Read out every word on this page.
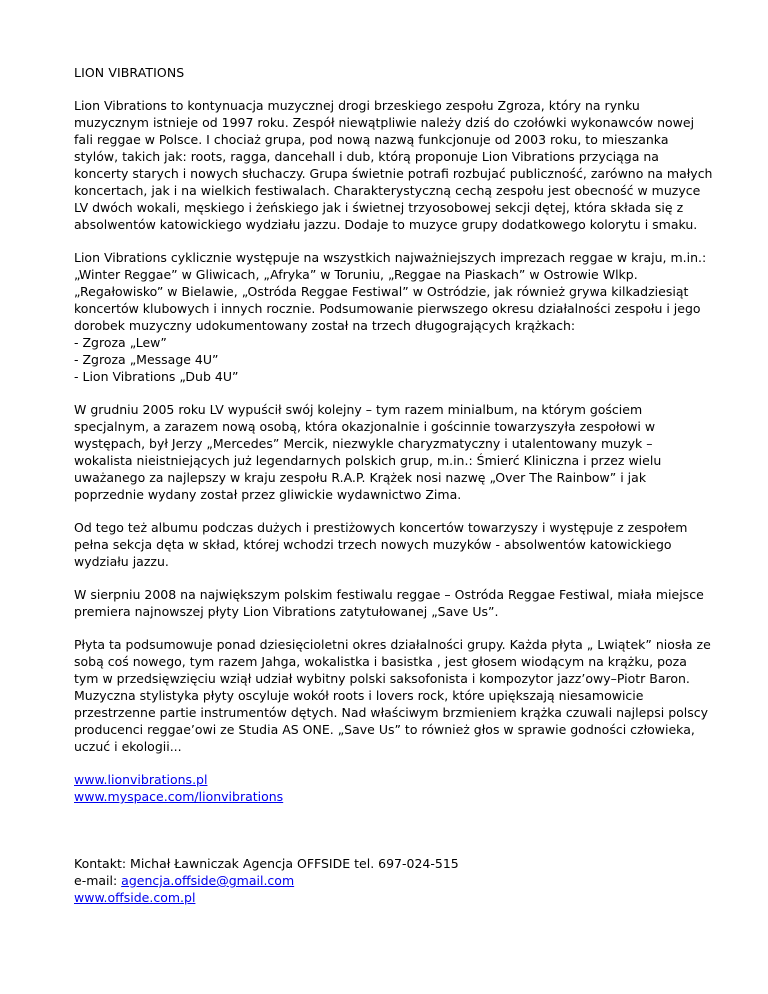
LION VIBRATIONS

Lion Vibrations to kontynuacja muzycznej drogi brzeskiego zespołu Zgroza, który na rynku muzycznym istnieje od 1997 roku. Zespół niewątpliwie należy dziś do czołówki wykonawców nowej fali reggae w Polsce. I chociaż grupa, pod nową nazwą funkcjonuje od 2003 roku, to mieszanka stylów, takich jak: roots, ragga, dancehall i dub, którą proponuje Lion Vibrations przyciąga na koncerty starych i nowych słuchaczy. Grupa świetnie potrafi rozbujać publiczność, zarówno na małych koncertach, jak i na wielkich festiwalach. Charakterystyczną cechą zespołu jest obecność w muzyce LV dwóch wokali, męskiego i żeńskiego jak i świetnej trzyosobowej sekcji dętej, która składa się z absolwentów katowickiego wydziału jazzu. Dodaje to muzyce grupy dodatkowego kolorytu i smaku.

Lion Vibrations cyklicznie występuje na wszystkich najważniejszych imprezach reggae w kraju, m.in.: „Winter Reggae” w Gliwicach, „Afryka” w Toruniu, „Reggae na Piaskach” w Ostrowie Wlkp. „Regałowisko” w Bielawie, „Ostróda Reggae Festiwal” w Ostródzie, jak również grywa kilkadziesiąt koncertów klubowych i innych rocznie. Podsumowanie pierwszego okresu działalności zespołu i jego dorobek muzyczny udokumentowany został na trzech długogrających krążkach:
- Zgroza „Lew”
- Zgroza „Message 4U”
- Lion Vibrations „Dub 4U”

W grudniu 2005 roku LV wypuścił swój kolejny – tym razem minialbum, na którym gościem specjalnym, a zarazem nową osobą, która okazjonalnie i gościnnie towarzyszyła zespołowi w występach, był Jerzy „Mercedes” Mercik, niezwykle charyzmatyczny i utalentowany muzyk – wokalista nieistniejących już legendarnych polskich grup, m.in.: Śmierć Kliniczna i przez wielu uważanego za najlepszy w kraju zespołu R.A.P. Krążek nosi nazwę „Over The Rainbow” i jak poprzednie wydany został przez gliwickie wydawnictwo Zima.

Od tego też albumu podczas dużych i prestiżowych koncertów towarzyszy i występuje z zespołem pełna sekcja dęta w skład, której wchodzi trzech nowych muzyków - absolwentów katowickiego wydziału jazzu.

W sierpniu 2008 na największym polskim festiwalu reggae – Ostróda Reggae Festiwal, miała miejsce premiera najnowszej płyty Lion Vibrations zatytułowanej „Save Us”.

Płyta ta podsumowuje ponad dziesięcioletni okres działalności grupy. Każda płyta „ Lwiątek” niosła ze sobą coś nowego, tym razem Jahga, wokalistka i basistka , jest głosem wiodącym na krążku, poza tym w przedsięwzięciu wziął udział wybitny polski saksofonista i kompozytor jazz’owy–Piotr Baron. Muzyczna stylistyka płyty oscyluje wokół roots i lovers rock, które upiększają niesamowicie przestrzenne partie instrumentów dętych. Nad właściwym brzmieniem krążka czuwali najlepsi polscy producenci reggae’owi ze Studia AS ONE. „Save Us” to również głos w sprawie godności człowieka, uczuć i ekologii...

www.lionvibrations.pl
www.myspace.com/lionvibrations
Kontakt: Michał Ławniczak Agencja OFFSIDE tel. 697-024-515
e-mail: agencja.offside@gmail.com
www.offside.com.pl
